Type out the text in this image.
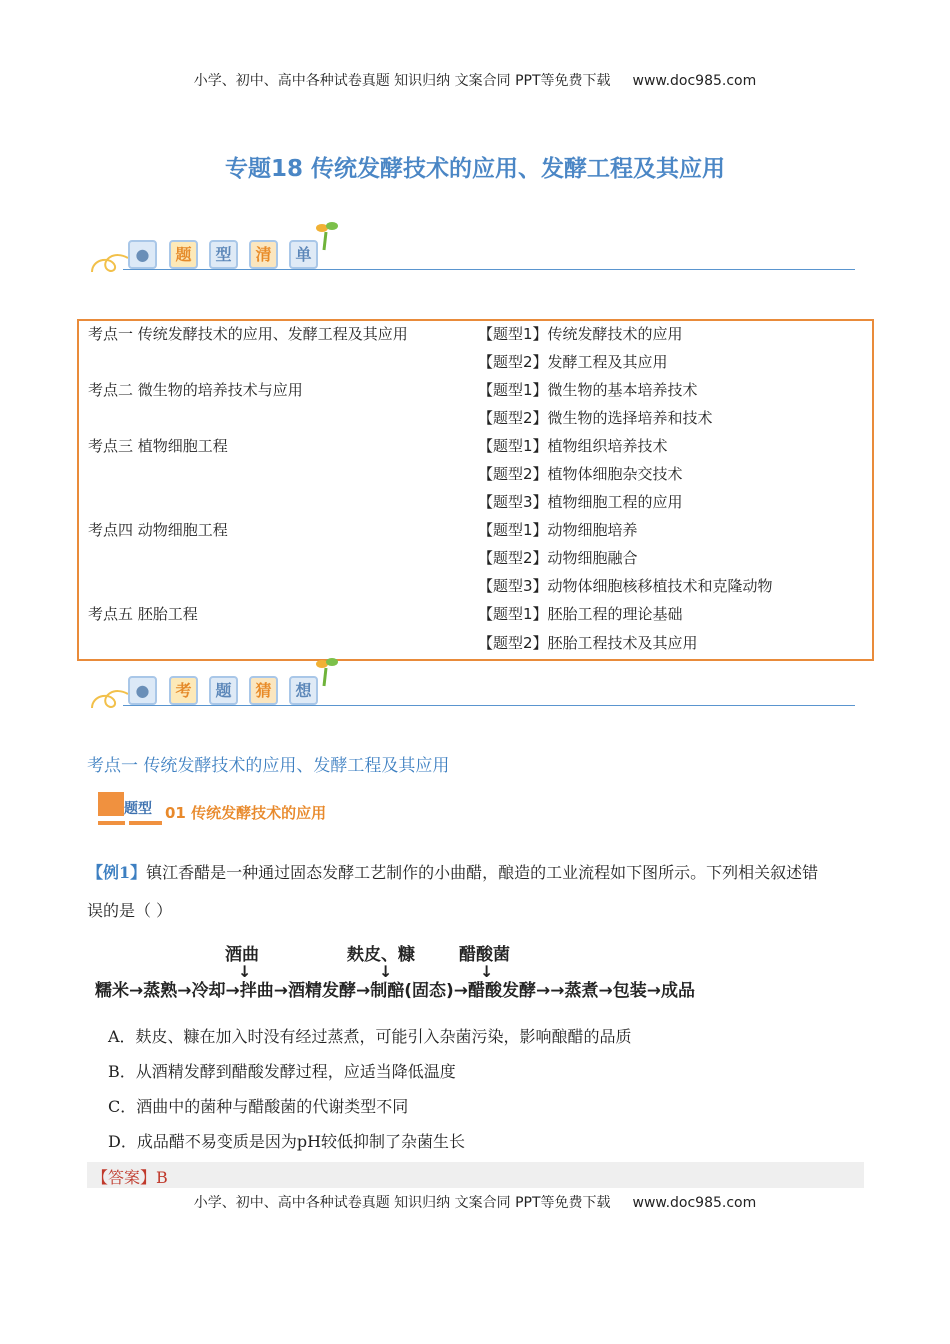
小学、初中、高中各种试卷真题 知识归纳 文案合同 PPT等免费下载 www.doc985.com
专题18 传统发酵技术的应用、发酵工程及其应用
●	题	型	清	单
考点一 传统发酵技术的应用、发酵工程及其应用	【题型1】传统发酵技术的应用
【题型2】发酵工程及其应用
考点二 微生物的培养技术与应用	【题型1】微生物的基本培养技术
【题型2】微生物的选择培养和技术
考点三 植物细胞工程	【题型1】植物组织培养技术
【题型2】植物体细胞杂交技术
【题型3】植物细胞工程的应用
考点四 动物细胞工程	【题型1】动物细胞培养
【题型2】动物细胞融合
【题型3】动物体细胞核移植技术和克隆动物
考点五 胚胎工程	【题型1】胚胎工程的理论基础
【题型2】胚胎工程技术及其应用
●	考	题	猜	想
考点一 传统发酵技术的应用、发酵工程及其应用
题型 01 传统发酵技术的应用
【例1】镇江香醋是一种通过固态发酵工艺制作的小曲醋，酿造的工业流程如下图所示。下列相关叙述错
误的是（ ）
酒曲
↓
麸皮、糠
↓
醋酸菌
↓
糯米→蒸熟→冷却→拌曲→酒精发酵→制醅(固态)→醋酸发酵→→蒸煮→包装→成品
A．麸皮、糠在加入时没有经过蒸煮，可能引入杂菌污染，影响酿醋的品质
B．从酒精发酵到醋酸发酵过程，应适当降低温度
C．酒曲中的菌种与醋酸菌的代谢类型不同
D．成品醋不易变质是因为pH较低抑制了杂菌生长
【答案】B
小学、初中、高中各种试卷真题 知识归纳 文案合同 PPT等免费下载 www.doc985.com
